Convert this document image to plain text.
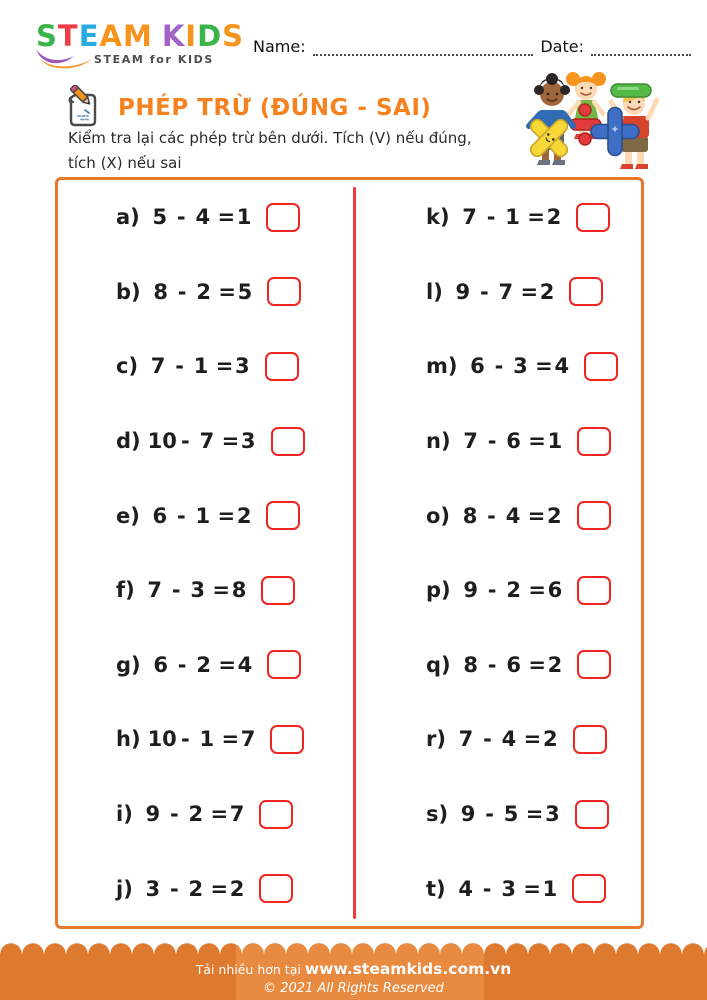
STEAM KIDS
STEAM for KIDS
Name:	Date:
PHÉP TRỪ (ĐÚNG - SAI)
Kiểm tra lại các phép trừ bên dưới. Tích (V) nếu đúng,
tích (X) nếu sai
a) 5 - 4 = 1
b) 8 - 2 = 5
c) 7 - 1 = 3
d) 10 - 7 = 3
e) 6 - 1 = 2
f) 7 - 3 = 8
g) 6 - 2 = 4
h) 10 - 1 = 7
i) 9 - 2 = 7
j) 3 - 2 = 2
k) 7 - 1 = 2
l) 9 - 7 = 2
m) 6 - 3 = 4
n) 7 - 6 = 1
o) 8 - 4 = 2
p) 9 - 2 = 6
q) 8 - 6 = 2
r) 7 - 4 = 2
s) 9 - 5 = 3
t) 4 - 3 = 1
Tải nhiều hơn tại www.steamkids.com.vn
© 2021 All Rights Reserved
